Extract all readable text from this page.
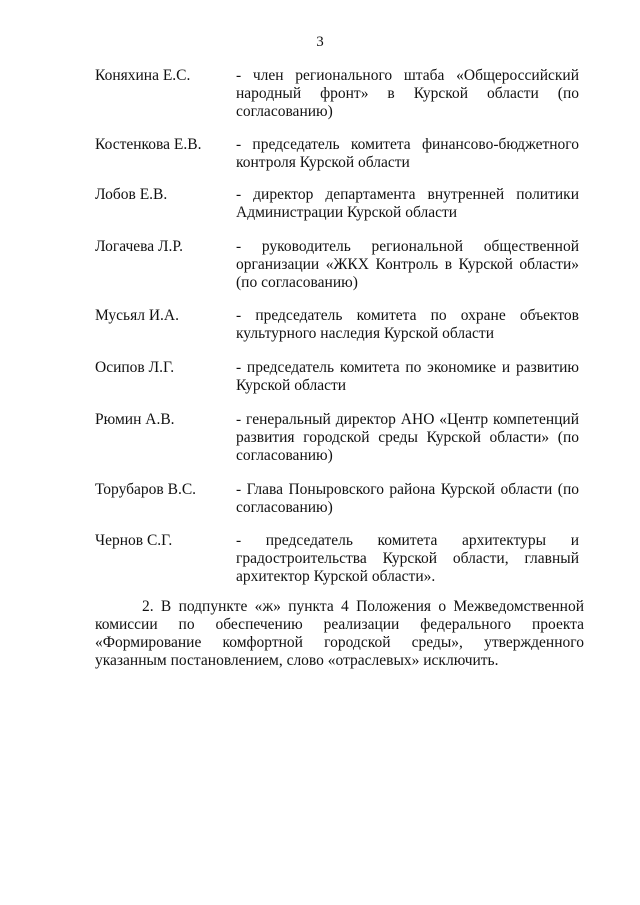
3
Коняхина Е.С.	- член регионального штаба «Общероссийский народный фронт» в Курской области (по согласованию)
Костенкова Е.В.	- председатель комитета финансово-бюджетного контроля Курской области
Лобов Е.В.	- директор департамента внутренней политики Администрации Курской области
Логачева Л.Р.	- руководитель региональной общественной организации «ЖКХ Контроль в Курской области» (по согласованию)
Мусьял И.А.	- председатель комитета по охране объектов культурного наследия Курской области
Осипов Л.Г.	- председатель комитета по экономике и развитию Курской области
Рюмин А.В.	- генеральный директор АНО «Центр компетенций развития городской среды Курской области» (по согласованию)
Торубаров В.С.	- Глава Поныровского района Курской области (по согласованию)
Чернов С.Г.	- председатель комитета архитектуры и градостроительства Курской области, главный архитектор Курской области».
2. В подпункте «ж» пункта 4 Положения о Межведомственной комиссии по обеспечению реализации федерального проекта «Формирование комфортной городской среды», утвержденного указанным постановлением, слово «отраслевых» исключить.
